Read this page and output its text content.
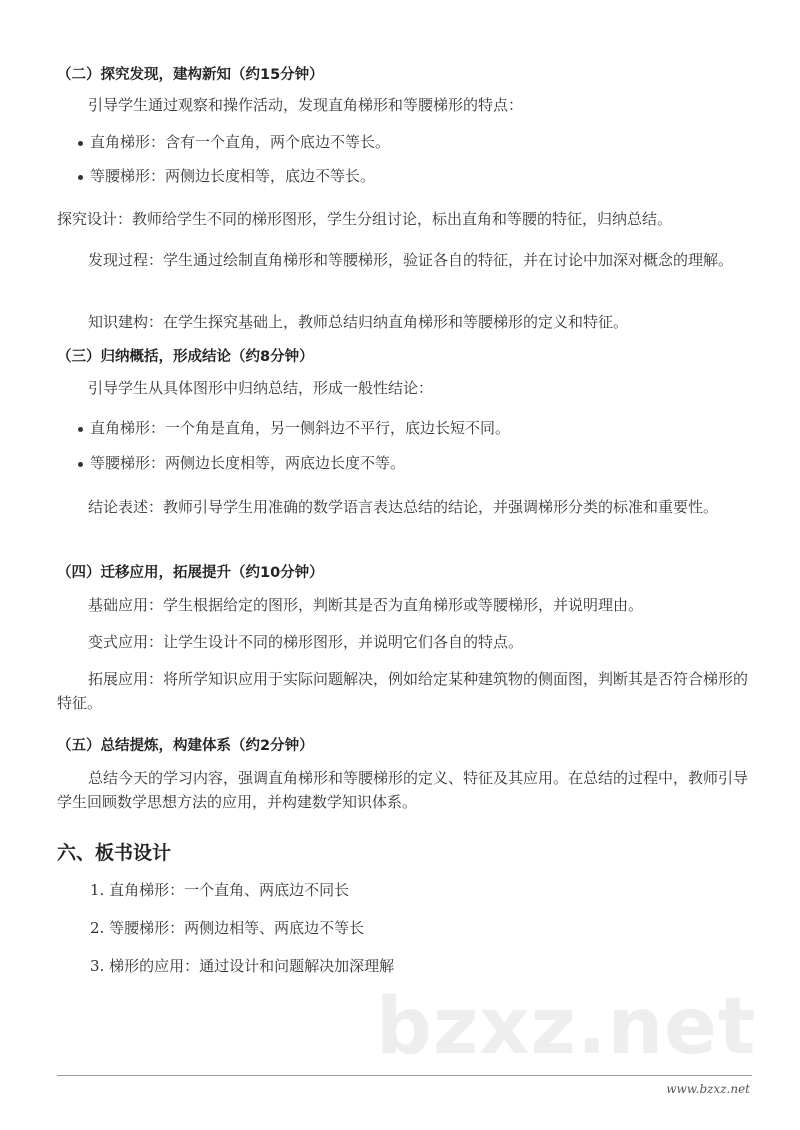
（二）探究发现，建构新知（约15分钟）
引导学生通过观察和操作活动，发现直角梯形和等腰梯形的特点：
直角梯形：含有一个直角，两个底边不等长。
等腰梯形：两侧边长度相等，底边不等长。
探究设计：教师给学生不同的梯形图形，学生分组讨论，标出直角和等腰的特征，归纳总结。
发现过程：学生通过绘制直角梯形和等腰梯形，验证各自的特征，并在讨论中加深对概念的理解。
知识建构：在学生探究基础上，教师总结归纳直角梯形和等腰梯形的定义和特征。
（三）归纳概括，形成结论（约8分钟）
引导学生从具体图形中归纳总结，形成一般性结论：
直角梯形：一个角是直角，另一侧斜边不平行，底边长短不同。
等腰梯形：两侧边长度相等，两底边长度不等。
结论表述：教师引导学生用准确的数学语言表达总结的结论，并强调梯形分类的标准和重要性。
（四）迁移应用，拓展提升（约10分钟）
基础应用：学生根据给定的图形，判断其是否为直角梯形或等腰梯形，并说明理由。
变式应用：让学生设计不同的梯形图形，并说明它们各自的特点。
拓展应用：将所学知识应用于实际问题解决，例如给定某种建筑物的侧面图，判断其是否符合梯形的特征。
（五）总结提炼，构建体系（约2分钟）
总结今天的学习内容，强调直角梯形和等腰梯形的定义、特征及其应用。在总结的过程中，教师引导学生回顾数学思想方法的应用，并构建数学知识体系。
六、板书设计
1. 直角梯形：一个直角、两底边不同长
2. 等腰梯形：两侧边相等、两底边不等长
3. 梯形的应用：通过设计和问题解决加深理解
bzxz.net
www.bzxz.net
